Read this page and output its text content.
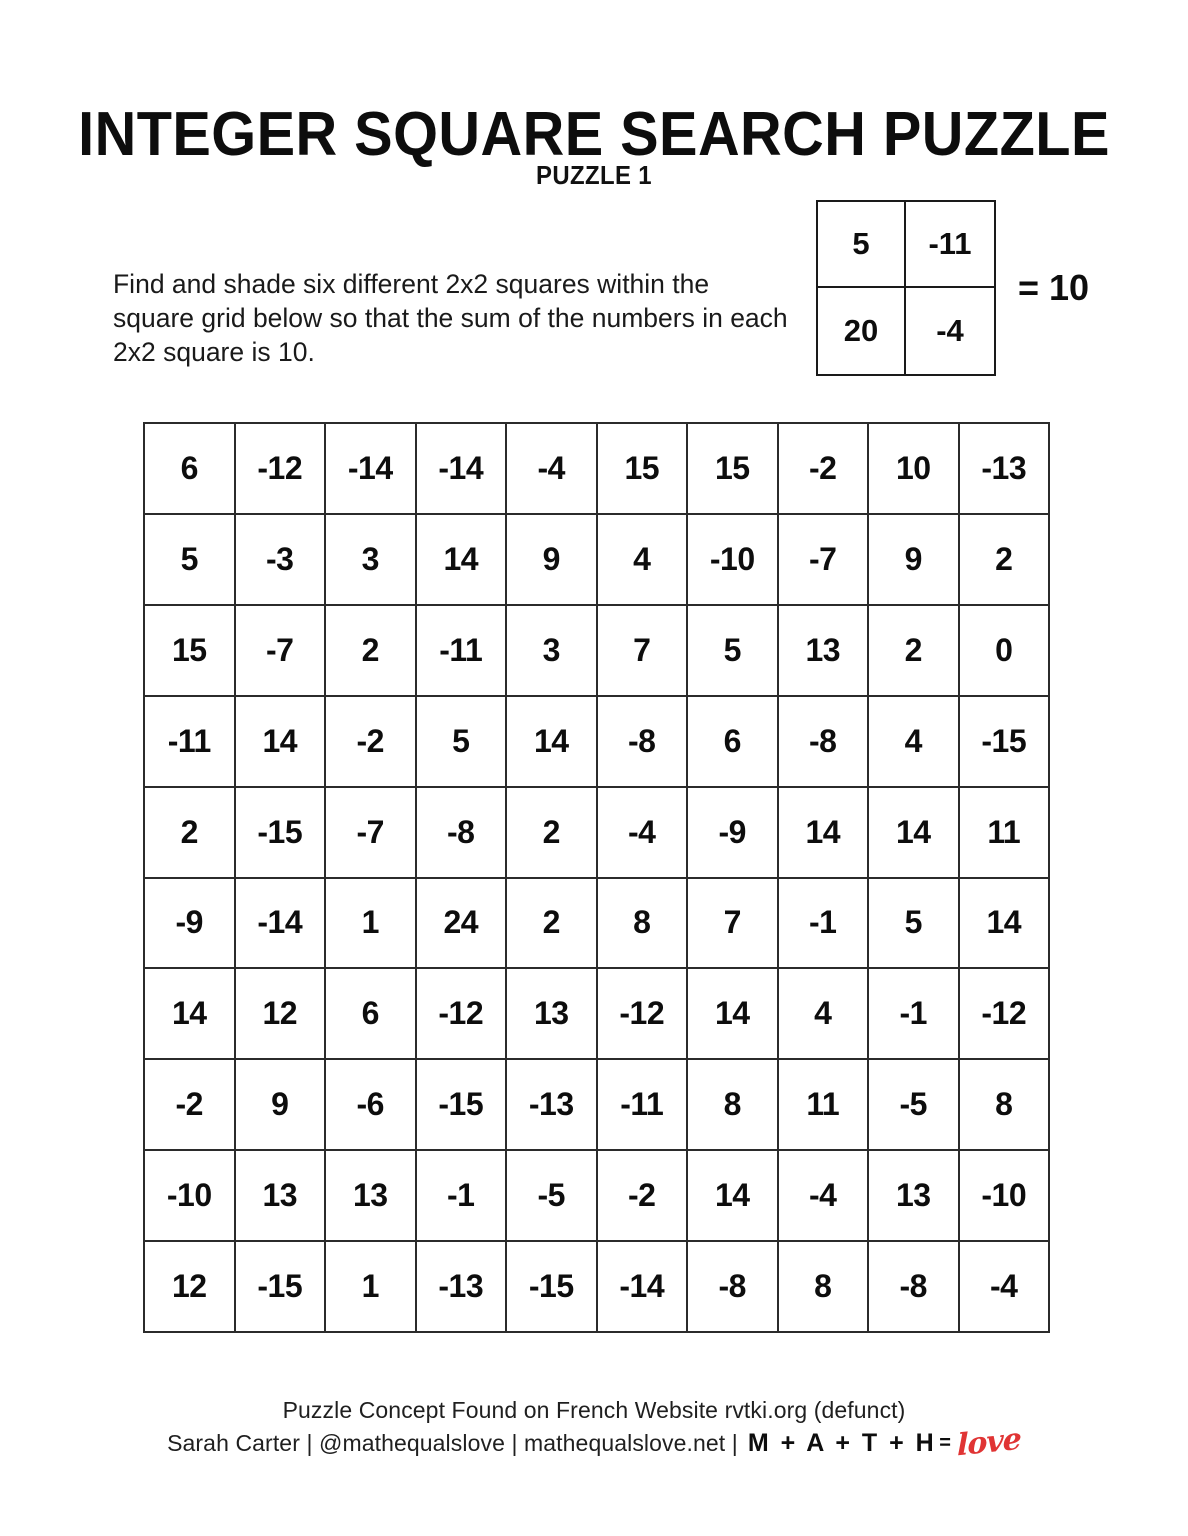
INTEGER SQUARE SEARCH PUZZLE
PUZZLE 1

Find and shade six different 2x2 squares within the square grid below so that the sum of the numbers in each 2x2 square is 10.

5	-11
20	-4
= 10
6	-12	-14	-14	-4	15	15	-2	10	-13
5	-3	3	14	9	4	-10	-7	9	2
15	-7	2	-11	3	7	5	13	2	0
-11	14	-2	5	14	-8	6	-8	4	-15
2	-15	-7	-8	2	-4	-9	14	14	11
-9	-14	1	24	2	8	7	-1	5	14
14	12	6	-12	13	-12	14	4	-1	-12
-2	9	-6	-15	-13	-11	8	11	-5	8
-10	13	13	-1	-5	-2	14	-4	13	-10
12	-15	1	-13	-15	-14	-8	8	-8	-4
Puzzle Concept Found on French Website rvtki.org (defunct)
Sarah Carter | @mathequalslove | mathequalslove.net | M + A + T + H = love
